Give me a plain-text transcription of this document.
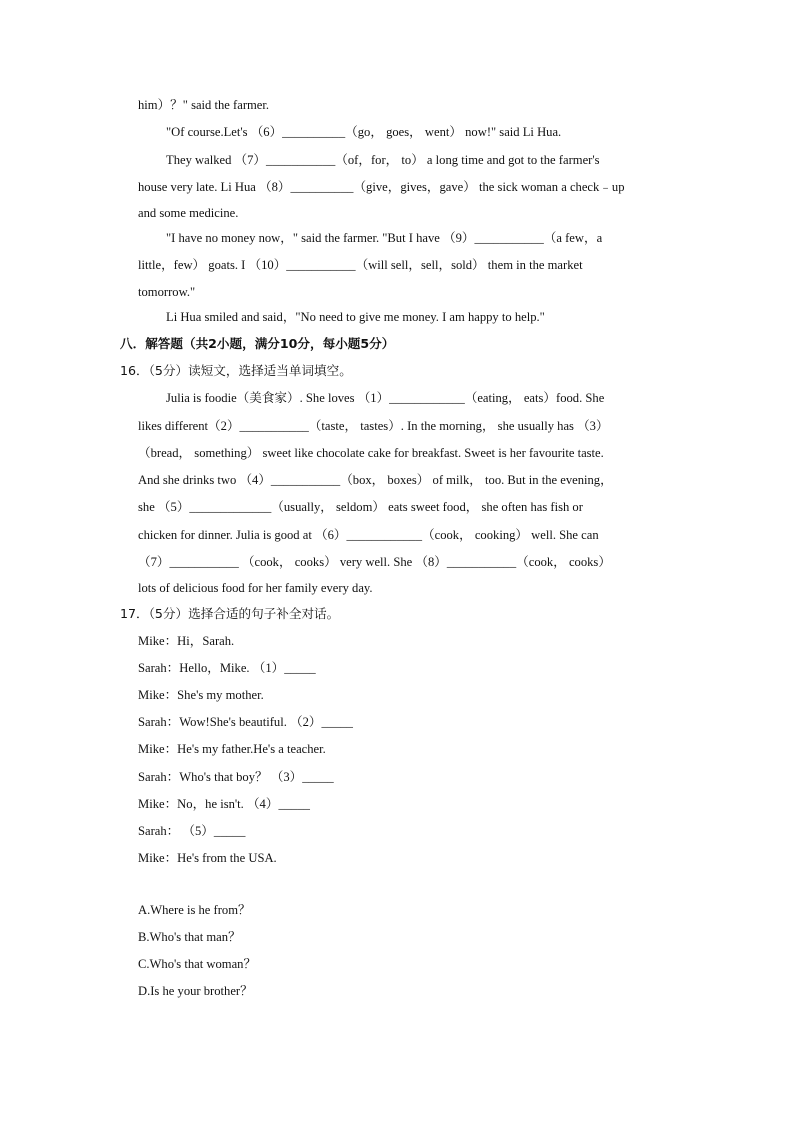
him）？" said the farmer.
"Of course.Let's （6）__________（go， goes， went） now!" said Li Hua.
They walked （7）___________（of，for， to） a long time and got to the farmer's
house very late. Li Hua （8）__________（give，gives，gave） the sick woman a check﹣up
and some medicine.
"I have no money now，" said the farmer. "But I have （9）___________（a few，a
little，few） goats. I （10）___________（will sell，sell，sold） them in the market
tomorrow."
Li Hua smiled and said，"No need to give me money. I am happy to help."
八．解答题（共2小题，满分10分，每小题5分）
16．（5分）读短文，选择适当单词填空。
Julia is foodie（美食家）. She loves （1）____________（eating， eats）food. She
likes different（2）___________（taste， tastes）. In the morning， she usually has （3）
（bread， something） sweet like chocolate cake for breakfast. Sweet is her favourite taste.
And she drinks two （4）___________（box， boxes） of milk， too. But in the evening，
she （5）_____________（usually， seldom） eats sweet food， she often has fish or
chicken for dinner. Julia is good at （6）____________（cook， cooking） well. She can
（7）___________ （cook， cooks） very well. She （8）___________（cook， cooks）
lots of delicious food for her family every day.
17．（5分）选择合适的句子补全对话。
Mike：Hi，Sarah.
Sarah：Hello，Mike. （1）_____
Mike：She's my mother.
Sarah：Wow!She's beautiful. （2）_____
Mike：He's my father.He's a teacher.
Sarah：Who's that boy？ （3）_____
Mike：No，he isn't. （4）_____
Sarah： （5）_____
Mike：He's from the USA.
A.Where is he from？
B.Who's that man？
C.Who's that woman？
D.Is he your brother？
